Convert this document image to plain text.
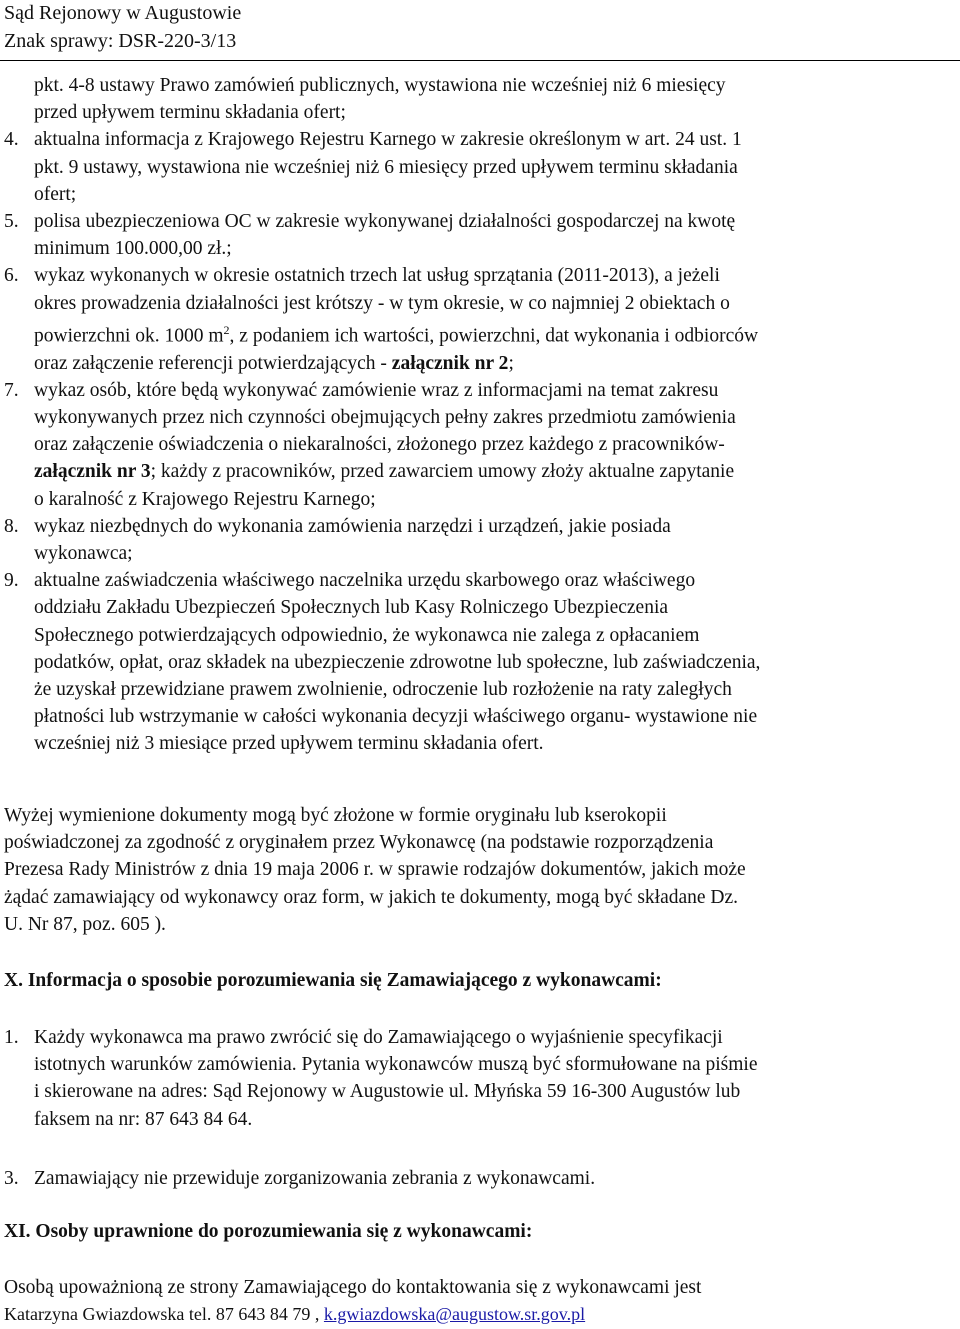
Sąd Rejonowy w Augustowie
Znak sprawy: DSR-220-3/13
pkt. 4-8 ustawy Prawo zamówień publicznych, wystawiona nie wcześniej niż 6 miesięcy
przed upływem terminu składania ofert;
4. aktualna informacja z Krajowego Rejestru Karnego w zakresie określonym w art. 24 ust. 1
pkt. 9 ustawy, wystawiona nie wcześniej niż 6 miesięcy przed upływem terminu składania
ofert;
5. polisa ubezpieczeniowa OC w zakresie wykonywanej działalności gospodarczej na kwotę
minimum 100.000,00 zł.;
6. wykaz wykonanych w okresie ostatnich trzech lat usług sprzątania (2011-2013), a jeżeli
okres prowadzenia działalności jest krótszy - w tym okresie, w co najmniej 2 obiektach o
powierzchni ok. 1000 $m^2$, z podaniem ich wartości, powierzchni, dat wykonania i odbiorców
oraz załączenie referencji potwierdzających - załącznik nr 2;
7. wykaz osób, które będą wykonywać zamówienie wraz z informacjami na temat zakresu
wykonywanych przez nich czynności obejmujących pełny zakres przedmiotu zamówienia
oraz załączenie oświadczenia o niekaralności, złożonego przez każdego z pracowników-
załącznik nr 3; każdy z pracowników, przed zawarciem umowy złoży aktualne zapytanie
o karalność z Krajowego Rejestru Karnego;
8. wykaz niezbędnych do wykonania zamówienia narzędzi i urządzeń, jakie posiada
wykonawca;
9. aktualne zaświadczenia właściwego naczelnika urzędu skarbowego oraz właściwego
oddziału Zakładu Ubezpieczeń Społecznych lub Kasy Rolniczego Ubezpieczenia
Społecznego potwierdzających odpowiednio, że wykonawca nie zalega z opłacaniem
podatków, opłat, oraz składek na ubezpieczenie zdrowotne lub społeczne, lub zaświadczenia,
że uzyskał przewidziane prawem zwolnienie, odroczenie lub rozłożenie na raty zaległych
płatności lub wstrzymanie w całości wykonania decyzji właściwego organu- wystawione nie
wcześniej niż 3 miesiące przed upływem terminu składania ofert.
Wyżej wymienione dokumenty mogą być złożone w formie oryginału lub kserokopii
poświadczonej za zgodność z oryginałem przez Wykonawcę (na podstawie rozporządzenia
Prezesa Rady Ministrów z dnia 19 maja 2006 r. w sprawie rodzajów dokumentów, jakich może
żądać zamawiający od wykonawcy oraz form, w jakich te dokumenty, mogą być składane Dz.
U. Nr 87, poz. 605 ).
X. Informacja o sposobie porozumiewania się Zamawiającego z wykonawcami:
1. Każdy wykonawca ma prawo zwrócić się do Zamawiającego o wyjaśnienie specyfikacji
istotnych warunków zamówienia. Pytania wykonawców muszą być sformułowane na piśmie
i skierowane na adres: Sąd Rejonowy w Augustowie ul. Młyńska 59 16-300 Augustów lub
faksem na nr: 87 643 84 64.
3. Zamawiający nie przewiduje zorganizowania zebrania z wykonawcami.
XI. Osoby uprawnione do porozumiewania się z wykonawcami:
Osobą upoważnioną ze strony Zamawiającego do kontaktowania się z wykonawcami jest
Katarzyna Gwiazdowska tel. 87 643 84 79 , k.gwiazdowska@augustow.sr.gov.pl
